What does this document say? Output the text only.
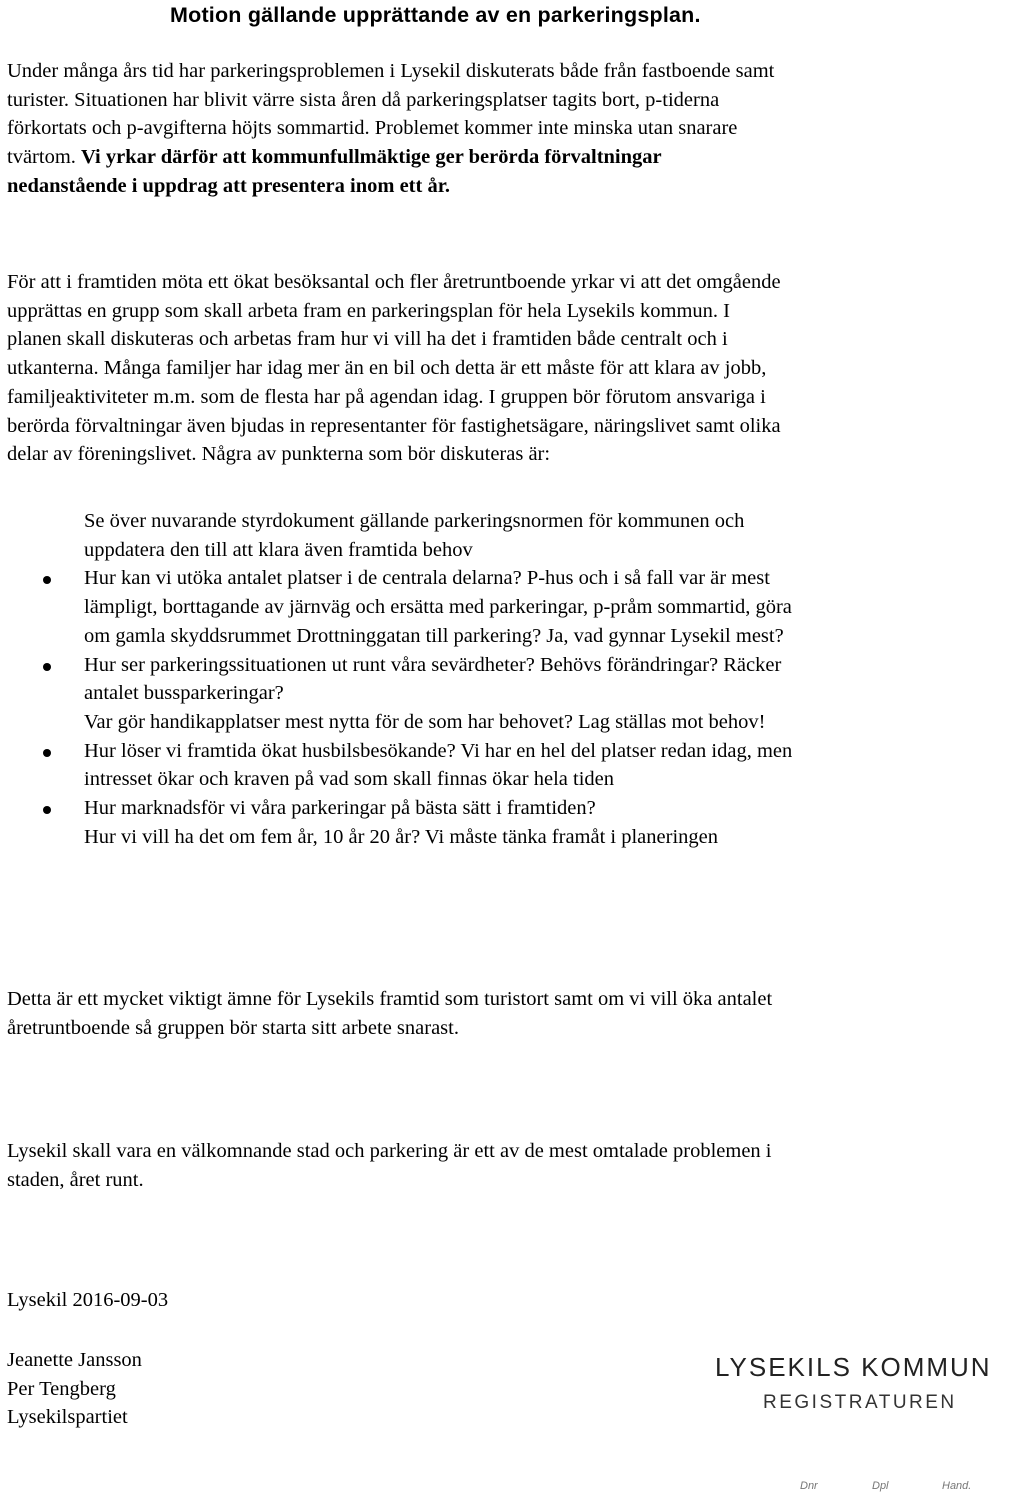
Motion gällande upprättande av en parkeringsplan.

Under många års tid har parkeringsproblemen i Lysekil diskuterats både från fastboende samt
turister. Situationen har blivit värre sista åren då parkeringsplatser tagits bort, p-tiderna
förkortats och p-avgifterna höjts sommartid. Problemet kommer inte minska utan snarare
tvärtom. Vi yrkar därför att kommunfullmäktige ger berörda förvaltningar
nedanstående i uppdrag att presentera inom ett år.

För att i framtiden möta ett ökat besöksantal och fler åretruntboende yrkar vi att det omgående
upprättas en grupp som skall arbeta fram en parkeringsplan för hela Lysekils kommun. I
planen skall diskuteras och arbetas fram hur vi vill ha det i framtiden både centralt och i
utkanterna. Många familjer har idag mer än en bil och detta är ett måste för att klara av jobb,
familjeaktiviteter m.m. som de flesta har på agendan idag. I gruppen bör förutom ansvariga i
berörda förvaltningar även bjudas in representanter för fastighetsägare, näringslivet samt olika
delar av föreningslivet. Några av punkterna som bör diskuteras är:

Se över nuvarande styrdokument gällande parkeringsnormen för kommunen och
uppdatera den till att klara även framtida behov
Hur kan vi utöka antalet platser i de centrala delarna? P-hus och i så fall var är mest
lämpligt, borttagande av järnväg och ersätta med parkeringar, p-pråm sommartid, göra
om gamla skyddsrummet Drottninggatan till parkering? Ja, vad gynnar Lysekil mest?
Hur ser parkeringssituationen ut runt våra sevärdheter? Behövs förändringar? Räcker
antalet bussparkeringar?
Var gör handikapplatser mest nytta för de som har behovet? Lag ställas mot behov!
Hur löser vi framtida ökat husbilsbesökande? Vi har en hel del platser redan idag, men
intresset ökar och kraven på vad som skall finnas ökar hela tiden
Hur marknadsför vi våra parkeringar på bästa sätt i framtiden?
Hur vi vill ha det om fem år, 10 år 20 år? Vi måste tänka framåt i planeringen

Detta är ett mycket viktigt ämne för Lysekils framtid som turistort samt om vi vill öka antalet
åretruntboende så gruppen bör starta sitt arbete snarast.

Lysekil skall vara en välkomnande stad och parkering är ett av de mest omtalade problemen i
staden, året runt.

Lysekil 2016-09-03
Jeanette Jansson
Per Tengberg
Lysekilspartiet
LYSEKILS KOMMUN
REGISTRATUREN
Dnr	Dpl	Hand.
